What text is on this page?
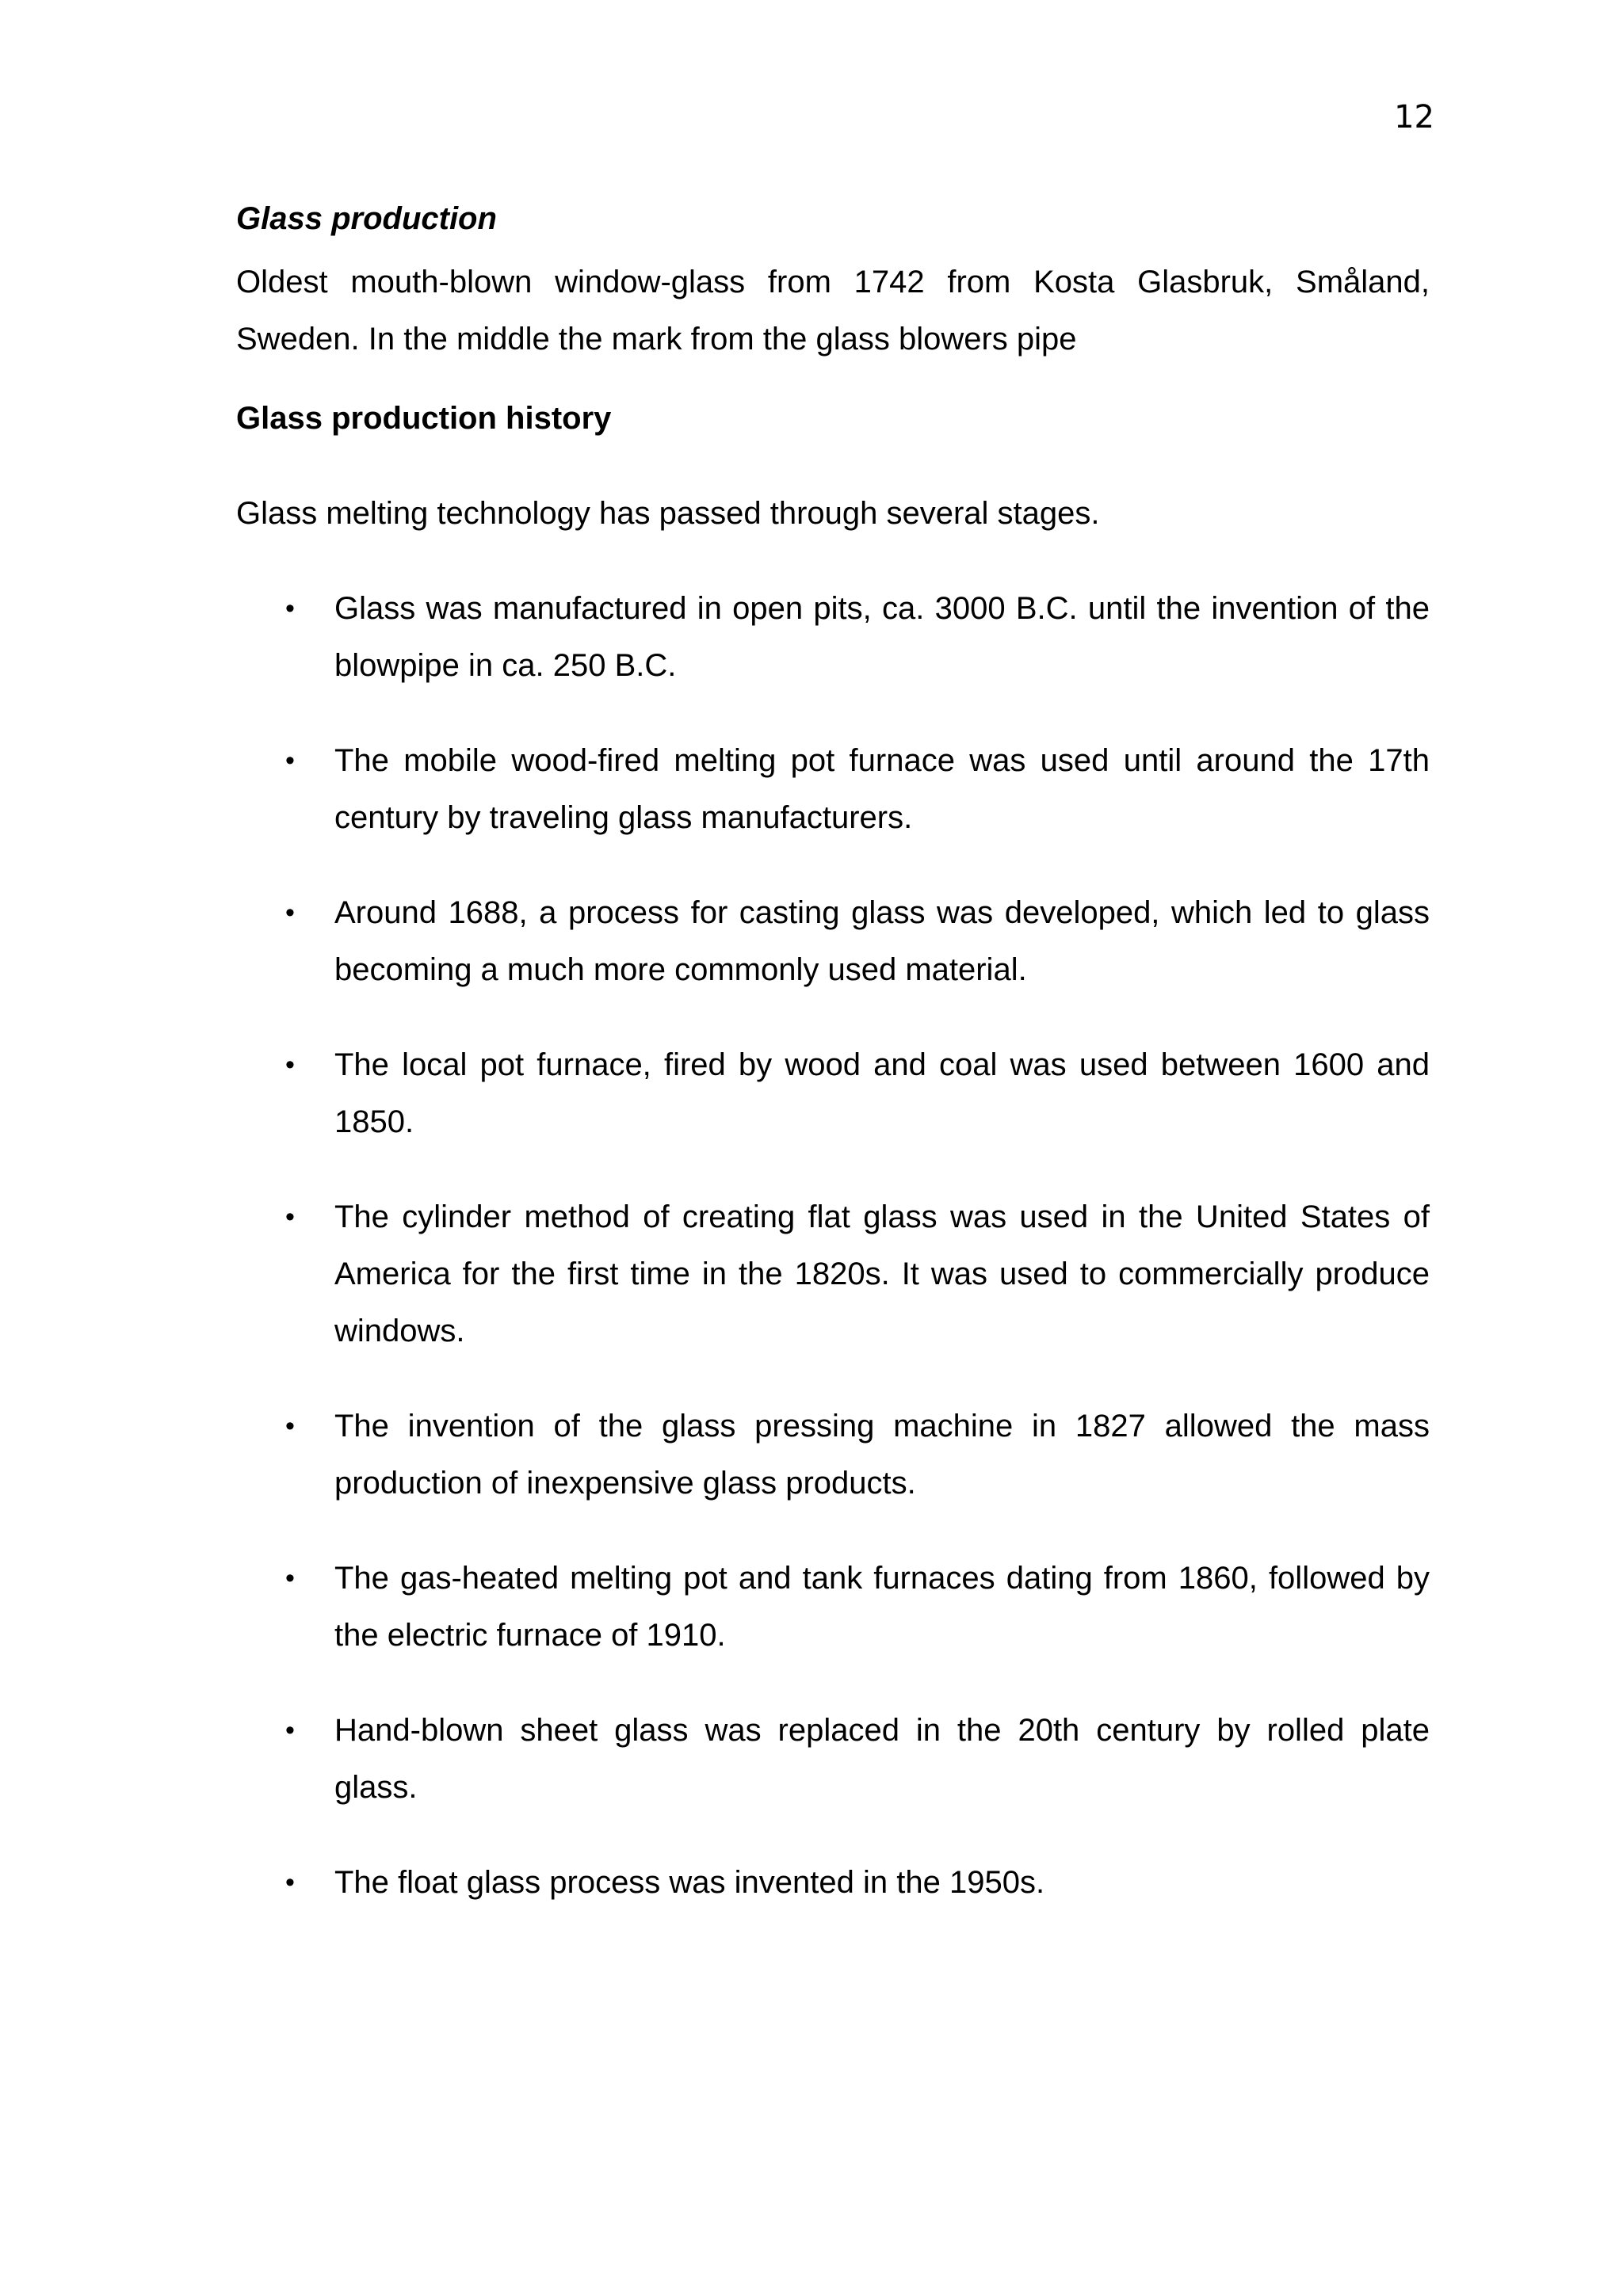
12
Glass production

Oldest mouth-blown window-glass from 1742 from Kosta Glasbruk, Småland, Sweden. In the middle the mark from the glass blowers pipe

Glass production history

Glass melting technology has passed through several stages.

• Glass was manufactured in open pits, ca. 3000 B.C. until the invention of the blowpipe in ca. 250 B.C.
• The mobile wood-fired melting pot furnace was used until around the 17th century by traveling glass manufacturers.
• Around 1688, a process for casting glass was developed, which led to glass becoming a much more commonly used material.
• The local pot furnace, fired by wood and coal was used between 1600 and 1850.
• The cylinder method of creating flat glass was used in the United States of America for the first time in the 1820s. It was used to commercially produce windows.
• The invention of the glass pressing machine in 1827 allowed the mass production of inexpensive glass products.
• The gas-heated melting pot and tank furnaces dating from 1860, followed by the electric furnace of 1910.
• Hand-blown sheet glass was replaced in the 20th century by rolled plate glass.
• The float glass process was invented in the 1950s.
